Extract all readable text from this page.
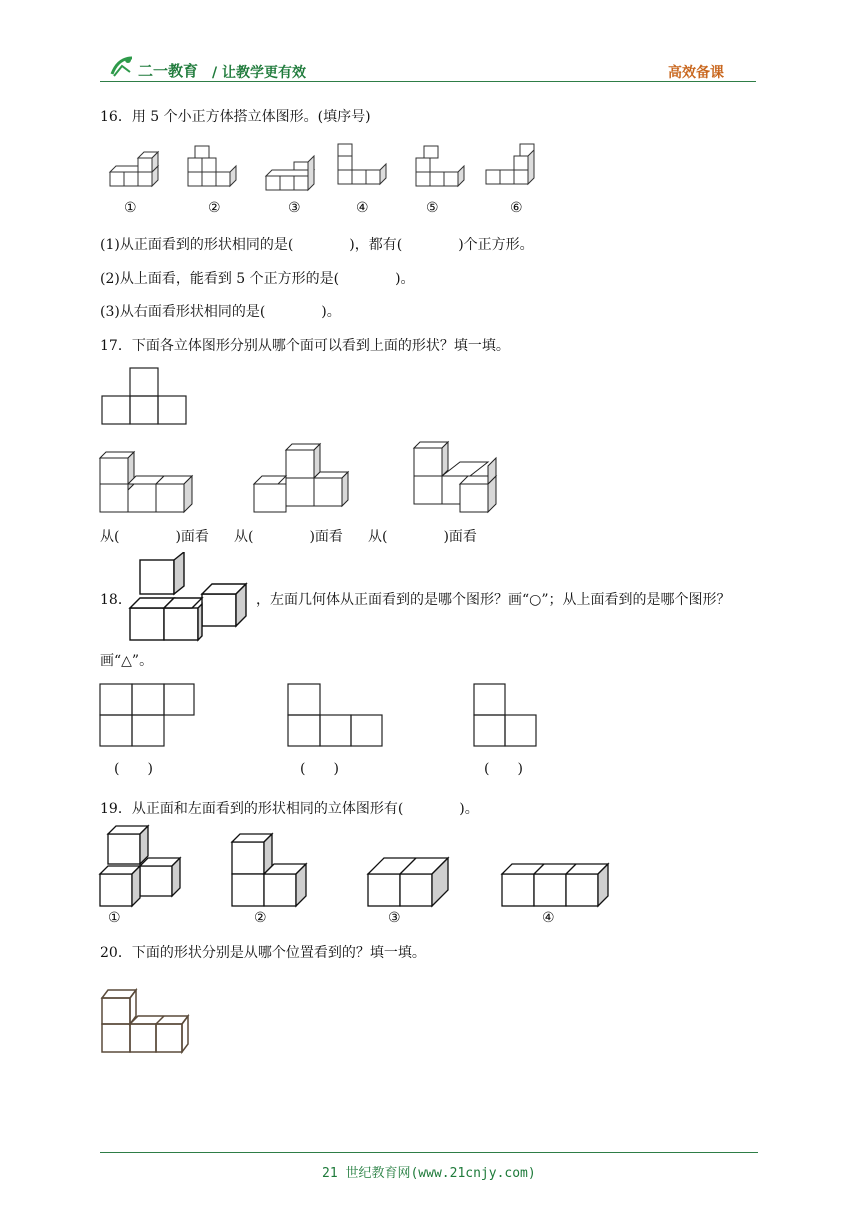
二一教育 / 让教学更有效	高效备课
16．用 5 个小正方体搭立体图形。(填序号)
①	②	③	④	⑤	⑥
(1)从正面看到的形状相同的是(　　　　)，都有(　　　　)个正方形。
(2)从上面看，能看到 5 个正方形的是(　　　　)。
(3)从右面看形状相同的是(　　　　)。
17．下面各立体图形分别从哪个面可以看到上面的形状？填一填。
从(　　　　)面看 从(　　　　)面看 从(　　　　)面看
18．	，左面几何体从正面看到的是哪个图形？画“○”；从上面看到的是哪个图形？
画“△”。
(　　)	(　　)	(　　)
19．从正面和左面看到的形状相同的立体图形有(　　　　)。
①	②	③	④
20．下面的形状分别是从哪个位置看到的？填一填。
21 世纪教育网(www.21cnjy.com)
